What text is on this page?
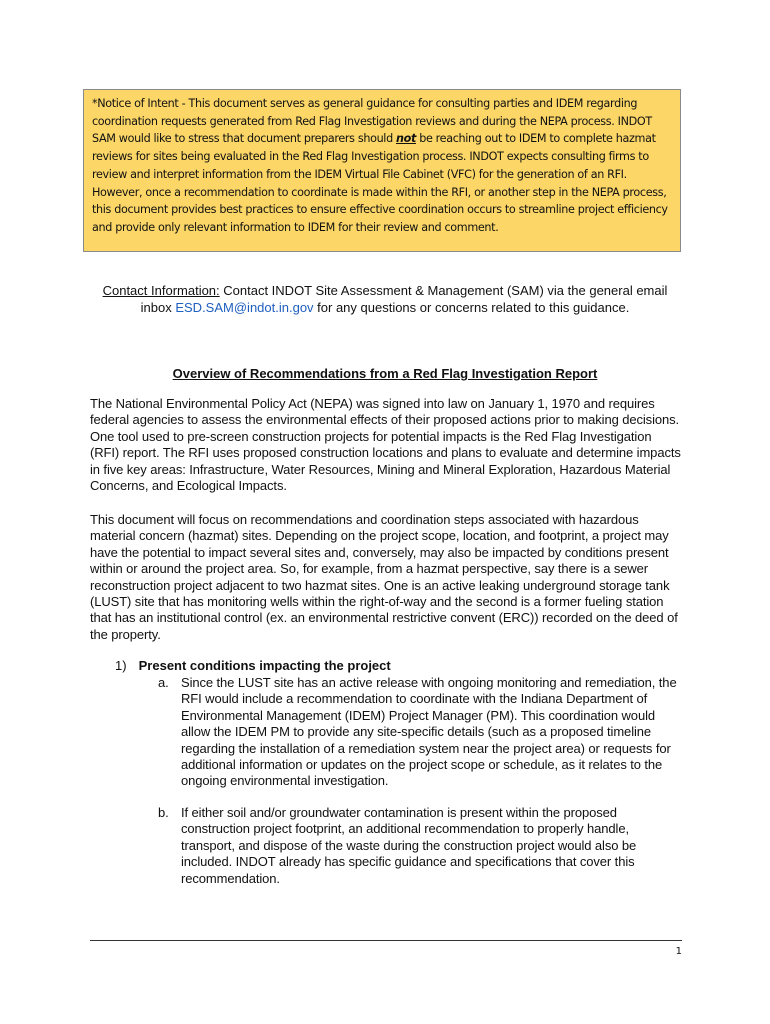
*Notice of Intent - This document serves as general guidance for consulting parties and IDEM regarding coordination requests generated from Red Flag Investigation reviews and during the NEPA process. INDOT SAM would like to stress that document preparers should not be reaching out to IDEM to complete hazmat reviews for sites being evaluated in the Red Flag Investigation process. INDOT expects consulting firms to review and interpret information from the IDEM Virtual File Cabinet (VFC) for the generation of an RFI. However, once a recommendation to coordinate is made within the RFI, or another step in the NEPA process, this document provides best practices to ensure effective coordination occurs to streamline project efficiency and provide only relevant information to IDEM for their review and comment.
Contact Information: Contact INDOT Site Assessment & Management (SAM) via the general email inbox ESD.SAM@indot.in.gov for any questions or concerns related to this guidance.
Overview of Recommendations from a Red Flag Investigation Report
The National Environmental Policy Act (NEPA) was signed into law on January 1, 1970 and requires federal agencies to assess the environmental effects of their proposed actions prior to making decisions. One tool used to pre-screen construction projects for potential impacts is the Red Flag Investigation (RFI) report. The RFI uses proposed construction locations and plans to evaluate and determine impacts in five key areas: Infrastructure, Water Resources, Mining and Mineral Exploration, Hazardous Material Concerns, and Ecological Impacts.
This document will focus on recommendations and coordination steps associated with hazardous material concern (hazmat) sites. Depending on the project scope, location, and footprint, a project may have the potential to impact several sites and, conversely, may also be impacted by conditions present within or around the project area. So, for example, from a hazmat perspective, say there is a sewer reconstruction project adjacent to two hazmat sites. One is an active leaking underground storage tank (LUST) site that has monitoring wells within the right-of-way and the second is a former fueling station that has an institutional control (ex. an environmental restrictive convent (ERC)) recorded on the deed of the property.
1) Present conditions impacting the project
a. Since the LUST site has an active release with ongoing monitoring and remediation, the RFI would include a recommendation to coordinate with the Indiana Department of Environmental Management (IDEM) Project Manager (PM). This coordination would allow the IDEM PM to provide any site-specific details (such as a proposed timeline regarding the installation of a remediation system near the project area) or requests for additional information or updates on the project scope or schedule, as it relates to the ongoing environmental investigation.
b. If either soil and/or groundwater contamination is present within the proposed construction project footprint, an additional recommendation to properly handle, transport, and dispose of the waste during the construction project would also be included. INDOT already has specific guidance and specifications that cover this recommendation.
1
